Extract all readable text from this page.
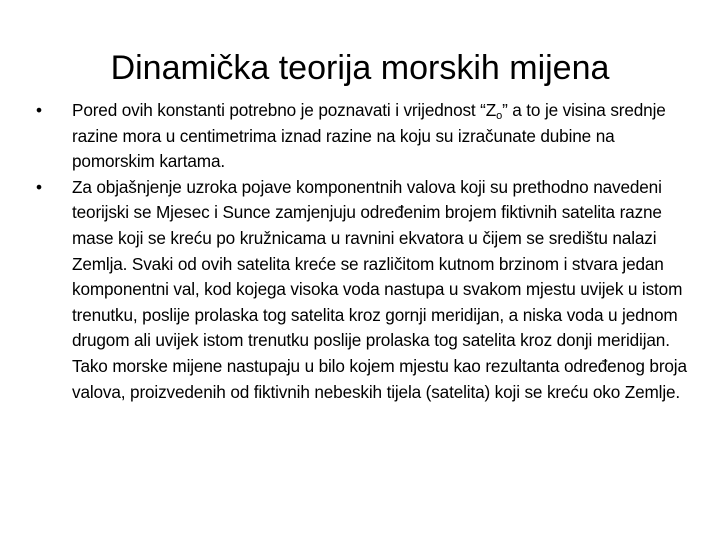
Dinamička teorija morskih mijena
•	Pored ovih konstanti potrebno je poznavati i vrijednost “$Z_o$” a to je visina srednje razine mora u centimetrima iznad razine na koju su izračunate dubine na pomorskim kartama.
•	Za objašnjenje uzroka pojave komponentnih valova koji su prethodno navedeni teorijski se Mjesec i Sunce zamjenjuju određenim brojem fiktivnih satelita razne mase koji se kreću po kružnicama u ravnini ekvatora u čijem se središtu nalazi Zemlja. Svaki od ovih satelita kreće se različitom kutnom brzinom i stvara jedan komponentni val, kod kojega visoka voda nastupa u svakom mjestu uvijek u istom trenutku, poslije prolaska tog satelita kroz gornji meridijan, a niska voda u jednom drugom ali uvijek istom trenutku poslije prolaska tog satelita kroz donji meridijan. Tako morske mijene nastupaju u bilo kojem mjestu kao rezultanta određenog broja valova, proizvedenih od fiktivnih nebeskih tijela (satelita) koji se kreću oko Zemlje.
